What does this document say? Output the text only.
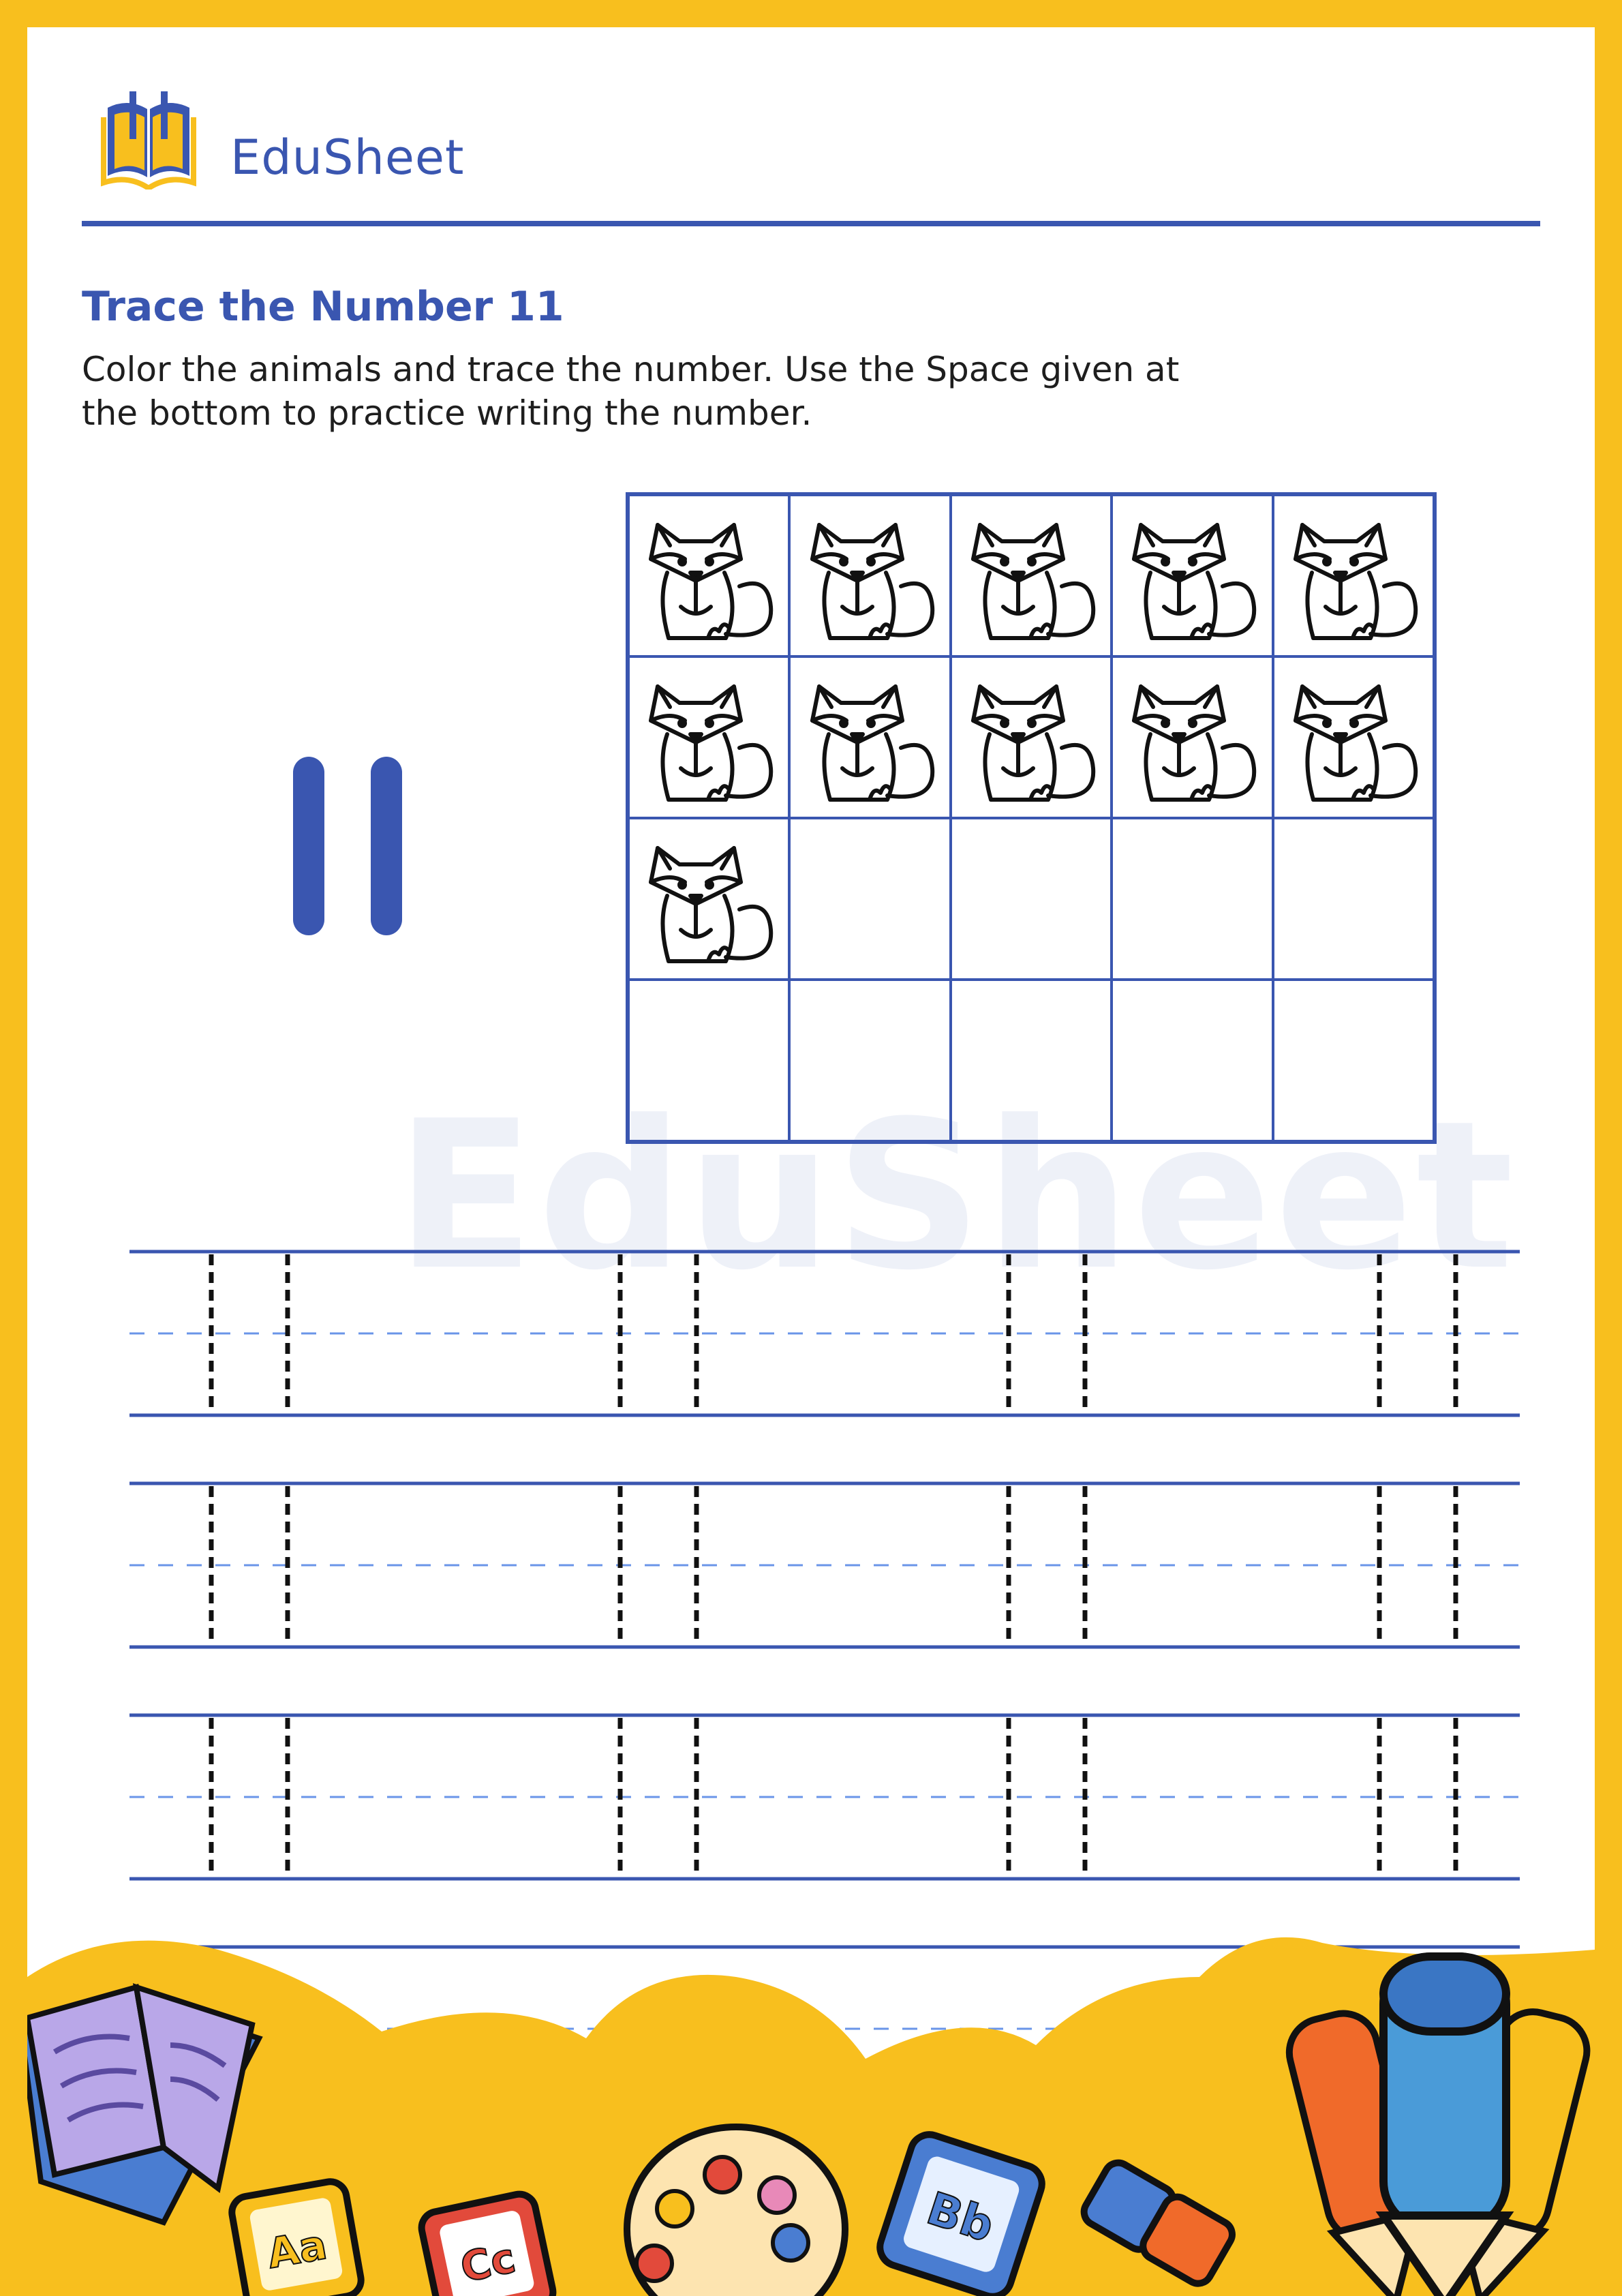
EduSheet
Trace the Number 11
Color the animals and trace the number. Use the Space given at the bottom to practice writing the number.
EduSheet
Aa	Cc
Bb
+
